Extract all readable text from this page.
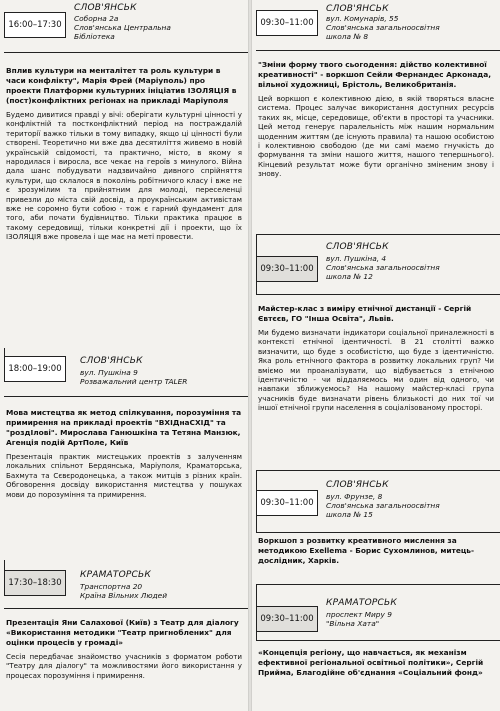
16:00–17:30
СЛОВ'ЯНСЬК
Соборна 2а
Слов'янська Центральна
Бібліотека
Вплив культури на менталітет та роль культури в часи конфлікту", Марія Фрей (Маріуполь) про проекти Платформи культурних ініціатив ІЗОЛЯЦІЯ в (пост)конфліктних регіонах на прикладі Маріуполя
Будемо дивитися правді у вічі: оберігати культурні цінності у конфліктній та постконфліктний період на постраждалій території важко тільки в тому випадку, якщо ці цінності були створені. Теоретично ми вже два десятиліття живемо в новій українській свідомості, та практично, місто, в якому я народилася і виросла, все чекає на героїв з минулого. Війна дала шанс побудувати надзвичайно дивного спрійняття культури, що склалося в поколінь робітничого класу і вже не є зрозумілим та прийнятним для молоді, переселенці привезли до міста свій досвід, а проукраїнським активістам вже не соромно бути собою - тож є гарний фундамент для того, аби почати будівництво. Тільки практика працює в такому середовищі, тільки конкретні дії і проекти, що їх ІЗОЛЯЦІЯ вже провела і ще має на меті провести.
18:00–19:00
СЛОВ'ЯНСЬК
вул. Пушкіна 9
Розважальний центр TALER
Мова мистецтва як метод спілкування, порозуміння та примирення на прикладі проектів "ВХІДнаСХІД" та "роздІлові". Мирослава Ганюшкіна та Тетяна Манзюк, Агенція подій АртПоле, Київ
Презентація практик мистецьких проектів з залученням локальних спільнот Бердянська, Маріуполя, Краматорська, Бахмута та Сєвєродонецька, а також митців з різних країн. Обговорення досвіду використання мистецтва у пошуках мови до порозуміння та примирення.
17:30–18:30
КРАМАТОРСЬК
Транспортна 20
Країна Вільних Людей
Презентація Яни Салахової (Київ) з Театр для діалогу «Використання методики "Театр пригноблених" для оцінки процесів у громаді»
Сесія передбачає знайомство учасників з форматом роботи "Театру для діалогу" та можливостями його використання у процесах порозуміння і примирення.
09:30–11:00
СЛОВ'ЯНСЬК
вул. Комунарів, 55
Слов'янська загальноосвітня
школа № 8
"Зміни форму твого сьогодення: дійство колективної креативності" - воркшоп Сейли Фернандес Арконада, вільної художниці, Брістоль, Великобританія.
Цей воркшоп є колективною дією, в якій творяться власне система. Процес залучає використання доступних ресурсів таких як, місце, середовище, об'єкти в просторі та учасники. Цей метод генерує паралельність між нашим нормальним щоденним життям (де існують правила) та нашою особистою і колективною свободою (де ми самі маємо гнучкість до формування та зміни нашого життя, нашого тепершнього). Кінцевий результат може бути органічно зміненим знову і знову.
09:30–11:00
СЛОВ'ЯНСЬК
вул. Пушкіна, 4
Слов'янська загальноосвітня
школа № 12
Майстер-клас з виміру етнічної дистанції - Сергій Євтєєв, ГО "Інша Освіта", Львів.
Ми будемо визначати індикатори соціальної приналежності в контексті етнічної ідентичності. В 21 столітті важко визначити, що буде з особистістю, що буде з ідентичністю. Яка роль етнічного фактора в розвитку локальних груп? Чи вміємо ми проаналізувати, що відбувається з етнічною ідентичністю - чи віддаляємось ми один від одного, чи навпаки зближуємось? На нашому майстер-класі група учасників буде визначати рівень близькості до них тої чи іншої етнічної групи населення в соціалізованому просторі.
09:30–11:00
СЛОВ'ЯНСЬК
вул. Фрунзе, 8
Слов'янська загальноосвітня
школа № 15
Воркшоп з розвитку креативного мислення за методикою Exellema - Борис Сухомлинов, митець-дослідник, Харків.
09:30–11:00
КРАМАТОРСЬК
проспект Миру 9
"Вільна Хата"
«Концепція регіону, що навчається, як механізм ефективної регіональної освітньої політики», Сергій Прийма, Благодійне об'єднання «Соціальний фонд»
